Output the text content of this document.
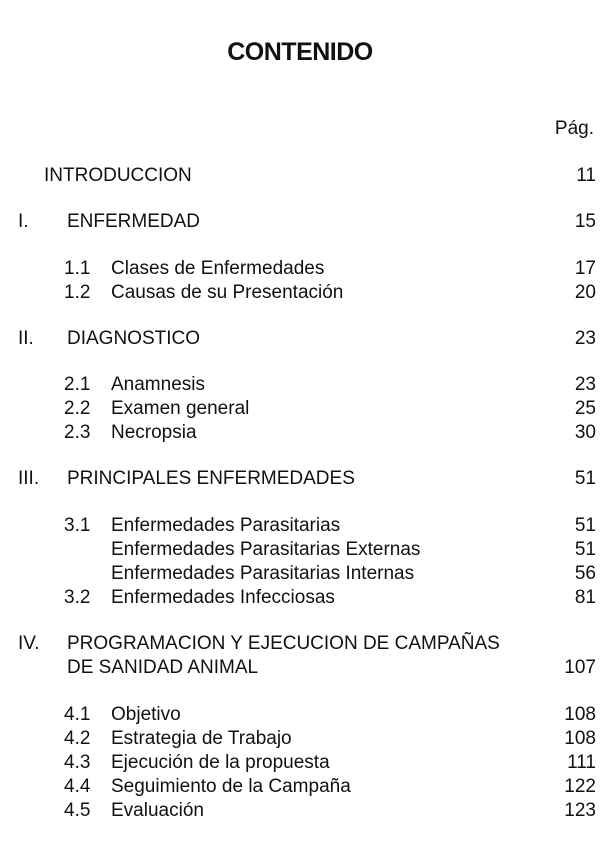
CONTENIDO
Pág.
INTRODUCCION	11
I. ENFERMEDAD	15
1.1 Clases de Enfermedades	17
1.2 Causas de su Presentación	20
II. DIAGNOSTICO	23
2.1 Anamnesis	23
2.2 Examen general	25
2.3 Necropsia	30
III. PRINCIPALES ENFERMEDADES	51
3.1 Enfermedades Parasitarias	51
Enfermedades Parasitarias Externas	51
Enfermedades Parasitarias Internas	56
3.2 Enfermedades Infecciosas	81
IV. PROGRAMACION Y EJECUCION DE CAMPAÑAS
DE SANIDAD ANIMAL	107
4.1 Objetivo	108
4.2 Estrategia de Trabajo	108
4.3 Ejecución de la propuesta	111
4.4 Seguimiento de la Campaña	122
4.5 Evaluación	123
